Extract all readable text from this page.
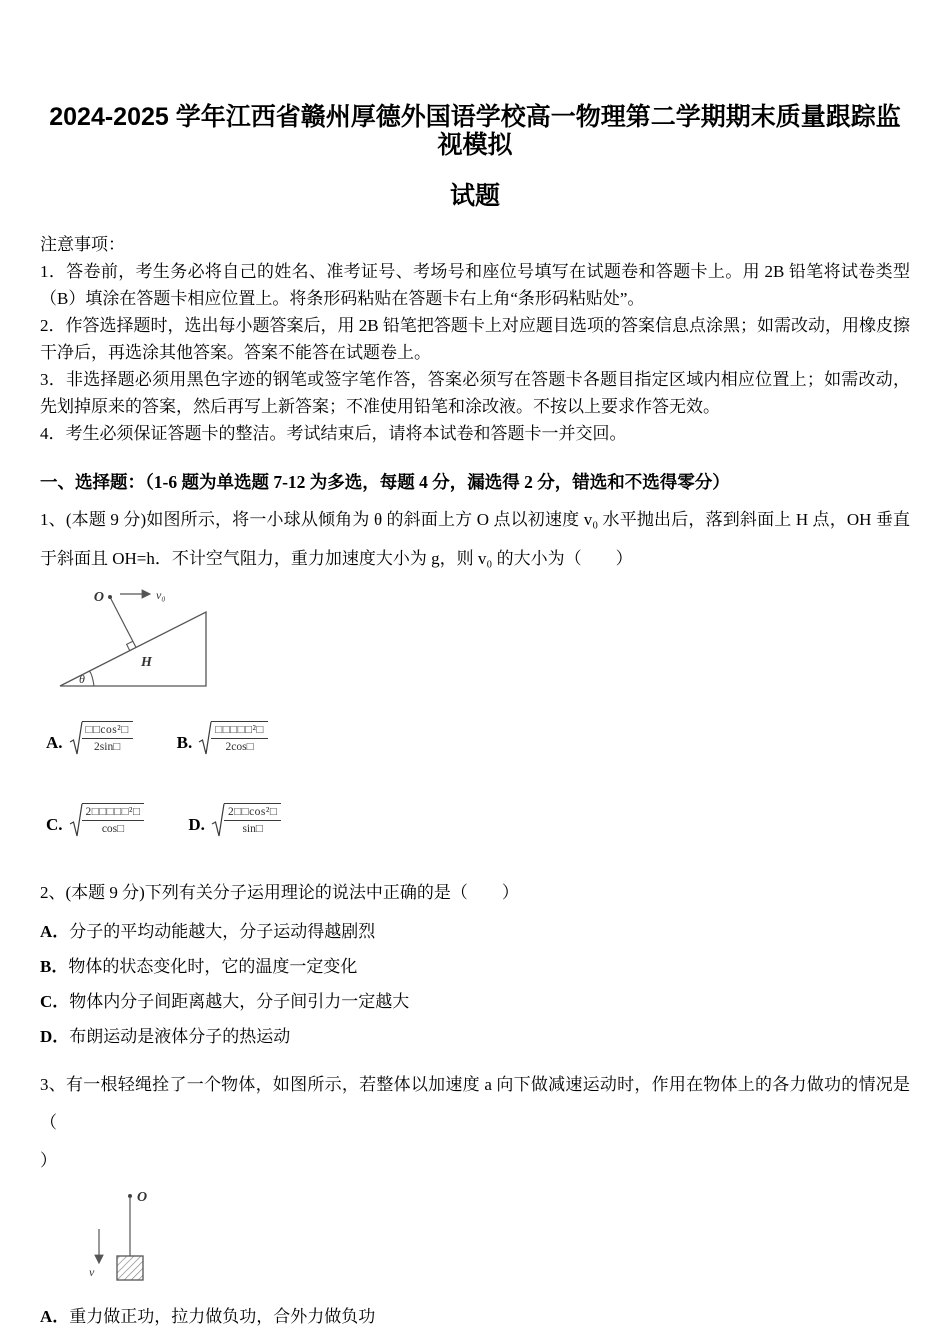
2024-2025 学年江西省赣州厚德外国语学校高一物理第二学期期末质量跟踪监视模拟
试题
注意事项：
1．答卷前，考生务必将自己的姓名、准考证号、考场号和座位号填写在试题卷和答题卡上。用 2B 铅笔将试卷类型（B）填涂在答题卡相应位置上。将条形码粘贴在答题卡右上角“条形码粘贴处”。
2．作答选择题时，选出每小题答案后，用 2B 铅笔把答题卡上对应题目选项的答案信息点涂黑；如需改动，用橡皮擦干净后，再选涂其他答案。答案不能答在试题卷上。
3．非选择题必须用黑色字迹的钢笔或签字笔作答，答案必须写在答题卡各题目指定区域内相应位置上；如需改动，先划掉原来的答案，然后再写上新答案；不准使用铅笔和涂改液。不按以上要求作答无效。
4．考生必须保证答题卡的整洁。考试结束后，请将本试卷和答题卡一并交回。
一、选择题：（1-6 题为单选题 7-12 为多选，每题 4 分，漏选得 2 分，错选和不选得零分）
1、(本题 9 分)如图所示，将一小球从倾角为 θ 的斜面上方 O 点以初速度 v₀ 水平抛出后，落到斜面上 H 点，OH 垂直于斜面且 OH=h．不计空气阻力，重力加速度大小为 g，则 v₀ 的大小为（　　）
O	v₀
H
θ
A. $\frac{\text{□□cos²□}}{2\sin□}$	B. $\frac{\text{□□□□□²□}}{2\cos□}$
C. $\frac{\text{2□□□□□²□}}{\cos□}$	D. $\frac{\text{2□□cos²□}}{\sin□}$
2、(本题 9 分)下列有关分子运用理论的说法中正确的是（　　）
A．分子的平均动能越大，分子运动得越剧烈
B．物体的状态变化时，它的温度一定变化
C．物体内分子间距离越大，分子间引力一定越大
D．布朗运动是液体分子的热运动
3、有一根轻绳拴了一个物体，如图所示，若整体以加速度 a 向下做减速运动时，作用在物体上的各力做功的情况是（
）
O
v
A．重力做正功，拉力做负功，合外力做负功
